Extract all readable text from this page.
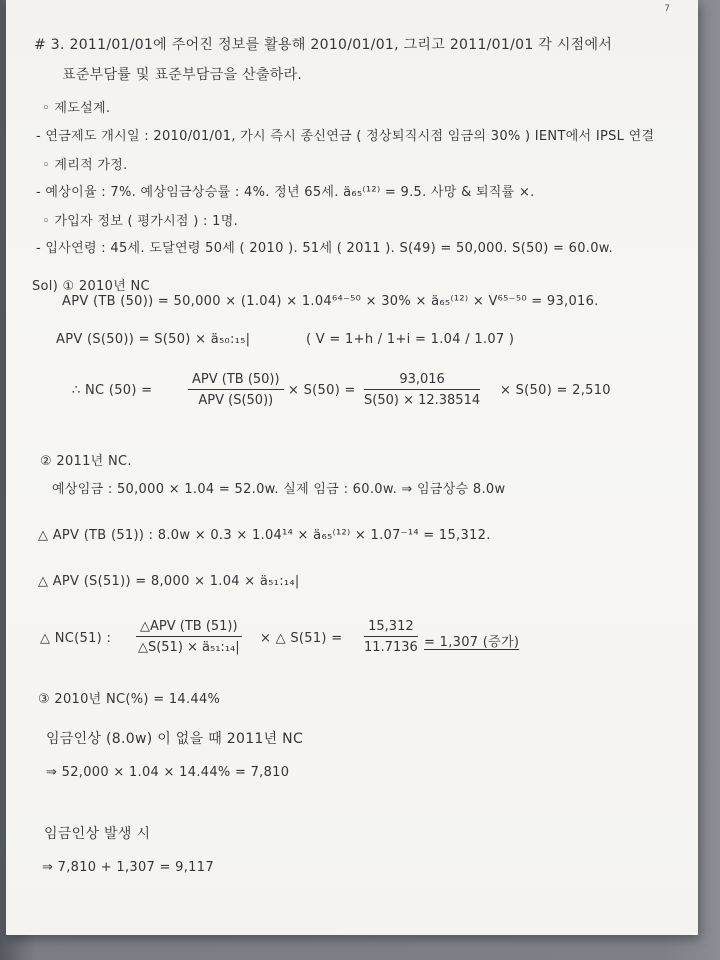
7
# 3. 2011/01/01에 주어진 정보를 활용해 2010/01/01, 그리고 2011/01/01 각 시점에서
표준부담률 및 표준부담금을 산출하라.
◦ 제도설계.
- 연금제도 개시일 : 2010/01/01, 가시 즉시 종신연금 ( 정상퇴직시점 임금의 30% ) IENT에서 IPSL 연결
◦ 계리적 가정.
- 예상이율 : 7%. 예상임금상승률 : 4%. 정년 65세. ä₆₅⁽¹²⁾ = 9.5. 사망 & 퇴직률 ×.
◦ 가입자 정보 ( 평가시점 ) : 1명.
- 입사연령 : 45세. 도달연령 50세 ( 2010 ). 51세 ( 2011 ). S(49) = 50,000. S(50) = 60.0w.
Sol) ① 2010년 NC
APV (TB (50)) = 50,000 × (1.04) × 1.04⁶⁴⁻⁵⁰ × 30% × ä₆₅⁽¹²⁾ × V⁶⁵⁻⁵⁰ = 93,016.
APV (S(50)) = S(50) × ä₅₀:₁₅|	( V = 1+h / 1+i = 1.04 / 1.07 )
∴ NC (50) =
APV (TB (50))
APV (S(50))
× $S(50) = \frac{93,016}{S(50) \times 12.38514} \times S(50) = 2,510$
② 2011년 NC.
예상임금 : 50,000 × 1.04 = 52.0w. 실제 임금 : 60.0w. ⇒ 임금상승 8.0w
△ APV (TB (51)) : 8.0w × 0.3 × 1.04¹⁴ × ä₆₅⁽¹²⁾ × 1.07⁻¹⁴ = 15,312.
△ APV (S(51)) = 8,000 × 1.04 × ä₅₁:₁₄|
△ NC(51) :
△APV (TB (51))
△S(51) × ä₅₁:₁₄|
× △ $S(51) = \frac{15,312}{11.7136} = 1,307$ (증가)
③ 2010년 NC(%) = 14.44%
임금인상 (8.0w) 이 없을 때 2011년 NC
⇒ 52,000 × 1.04 × 14.44% = 7,810
임금인상 발생 시
⇒ 7,810 + 1,307 = 9,117
